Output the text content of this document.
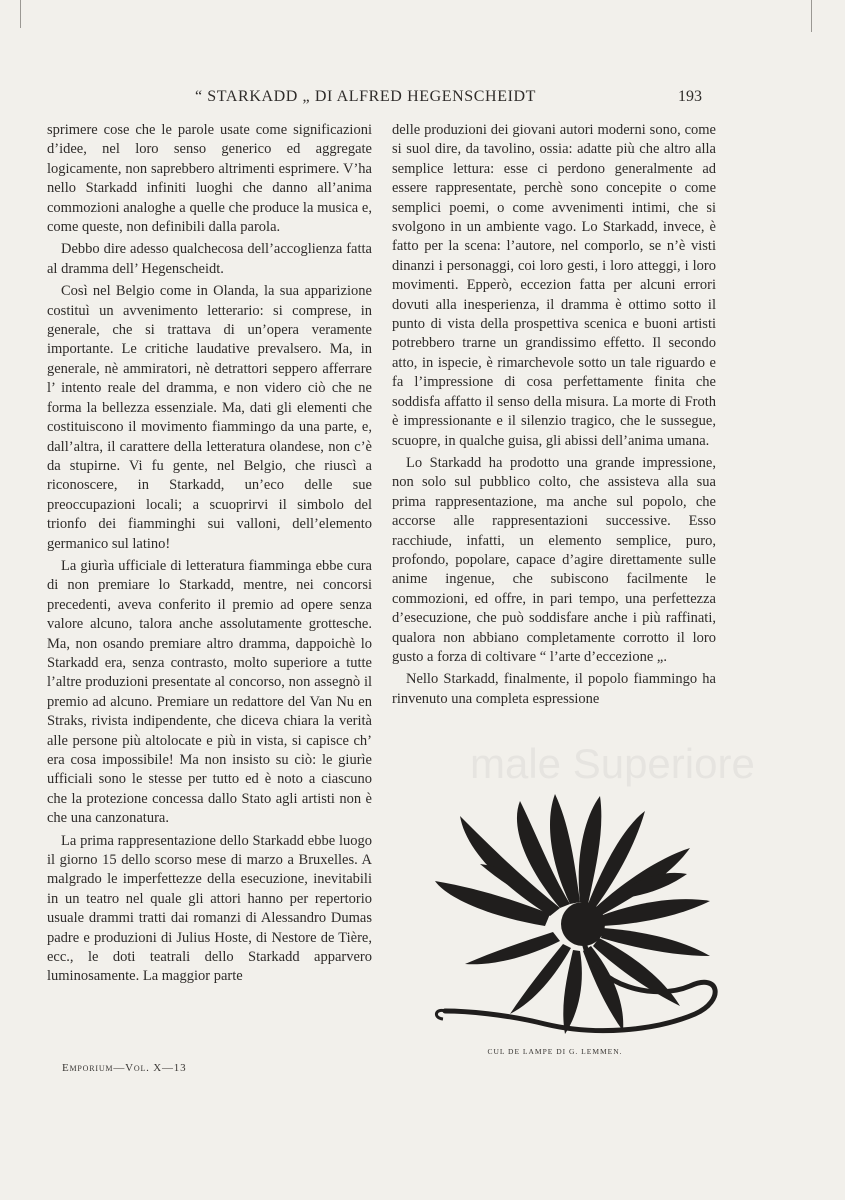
“ STARKADD „ DI ALFRED HEGENSCHEIDT	193

sprimere cose che le parole usate come significazioni d’idee, nel loro senso generico ed aggregate logicamente, non saprebbero altrimenti esprimere. V’ha nello Starkadd infiniti luoghi che danno all’anima commozioni analoghe a quelle che produce la musica e, come queste, non definibili dalla parola.

Debbo dire adesso qualchecosa dell’accoglienza fatta al dramma dell’ Hegenscheidt.

Così nel Belgio come in Olanda, la sua apparizione costituì un avvenimento letterario: si comprese, in generale, che si trattava di un’opera veramente importante. Le critiche laudative prevalsero. Ma, in generale, nè ammiratori, nè detrattori seppero afferrare l’ intento reale del dramma, e non videro ciò che ne forma la bellezza essenziale. Ma, dati gli elementi che costituiscono il movimento fiammingo da una parte, e, dall’altra, il carattere della letteratura olandese, non c’è da stupirne. Vi fu gente, nel Belgio, che riuscì a riconoscere, in Starkadd, un’eco delle sue preoccupazioni locali; a scuoprirvi il simbolo del trionfo dei fiamminghi sui valloni, dell’elemento germanico sul latino!

La giurìa ufficiale di letteratura fiamminga ebbe cura di non premiare lo Starkadd, mentre, nei concorsi precedenti, aveva conferito il premio ad opere senza valore alcuno, talora anche assolutamente grottesche. Ma, non osando premiare altro dramma, dappoichè lo Starkadd era, senza contrasto, molto superiore a tutte l’altre produzioni presentate al concorso, non assegnò il premio ad alcuno. Premiare un redattore del Van Nu en Straks, rivista indipendente, che diceva chiara la verità alle persone più altolocate e più in vista, si capisce ch’ era cosa impossibile! Ma non insisto su ciò: le giurìe ufficiali sono le stesse per tutto ed è noto a ciascuno che la protezione concessa dallo Stato agli artisti non è che una canzonatura.

La prima rappresentazione dello Starkadd ebbe luogo il giorno 15 dello scorso mese di marzo a Bruxelles. A malgrado le imperfettezze della esecuzione, inevitabili in un teatro nel quale gli attori hanno per repertorio usuale drammi tratti dai romanzi di Alessandro Dumas padre e produzioni di Julius Hoste, di Nestore de Tière, ecc., le doti teatrali dello Starkadd apparvero luminosamente. La maggior parte

delle produzioni dei giovani autori moderni sono, come si suol dire, da tavolino, ossia: adatte più che altro alla semplice lettura: esse ci perdono generalmente ad essere rappresentate, perchè sono concepite o come semplici poemi, o come avvenimenti intimi, che si svolgono in un ambiente vago. Lo Starkadd, invece, è fatto per la scena: l’autore, nel comporlo, se n’è visti dinanzi i personaggi, coi loro gesti, i loro atteggi, i loro movimenti. Epperò, eccezion fatta per alcuni errori dovuti alla inesperienza, il dramma è ottimo sotto il punto di vista della prospettiva scenica e buoni artisti potrebbero trarne un grandissimo effetto. Il secondo atto, in ispecie, è rimarchevole sotto un tale riguardo e fa l’impressione di cosa perfettamente finita che soddisfa affatto il senso della misura. La morte di Froth è impressionante e il silenzio tragico, che le sussegue, scuopre, in qualche guisa, gli abissi dell’anima umana.

Lo Starkadd ha prodotto una grande impressione, non solo sul pubblico colto, che assisteva alla sua prima rappresentazione, ma anche sul popolo, che accorse alle rappresentazioni successive. Esso racchiude, infatti, un elemento semplice, puro, profondo, popolare, capace d’agire direttamente sulle anime ingenue, che subiscono facilmente le commozioni, ed offre, in pari tempo, una perfettezza d’esecuzione, che può soddisfare anche i più raffinati, qualora non abbiano completamente corrotto il loro gusto a forza di coltivare “ l’arte d’eccezione „.

Nello Starkadd, finalmente, il popolo fiammingo ha rinvenuto una completa espressione

CUL DE LAMPE DI G. LEMMEN.
Emporium—Vol. X—13
male Superiore
